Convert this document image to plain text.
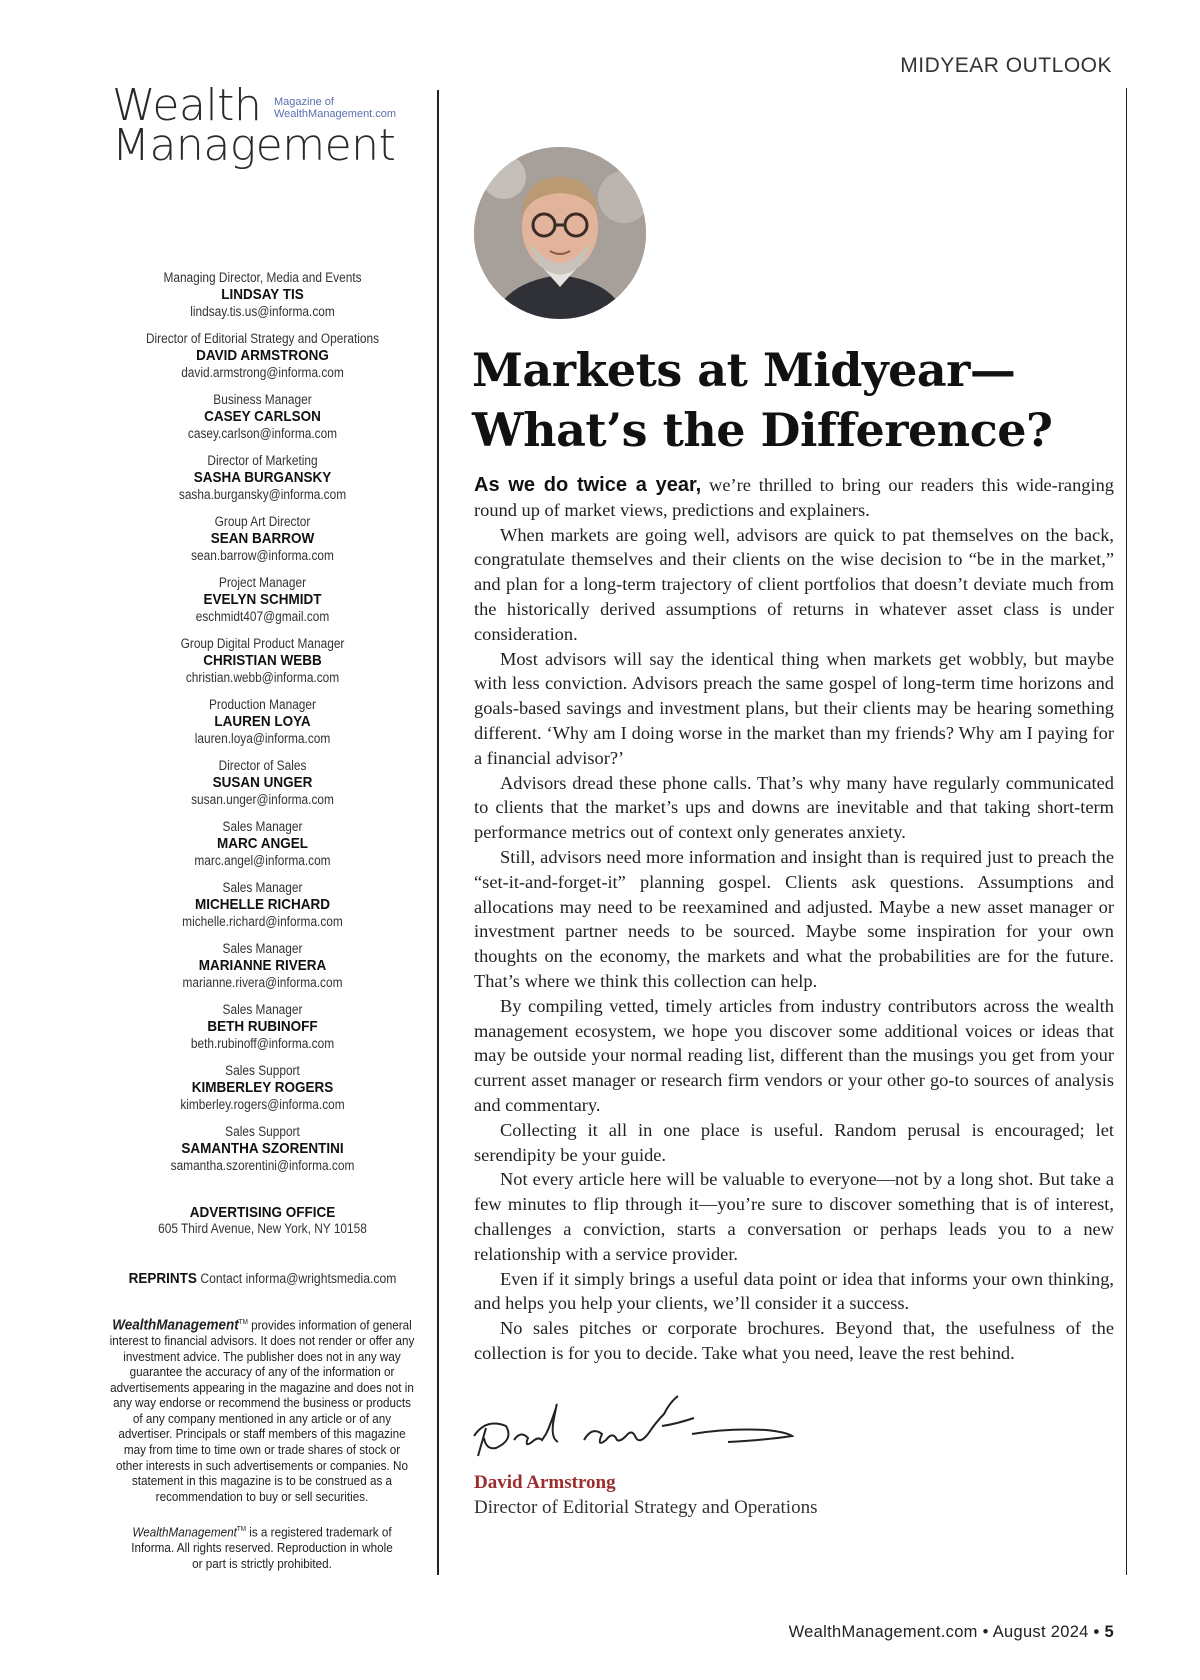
MIDYEAR OUTLOOK
Wealth Magazine of
WealthManagement.com
Management
Managing Director, Media and Events
LINDSAY TIS
lindsay.tis.us@informa.com
Director of Editorial Strategy and Operations
DAVID ARMSTRONG
david.armstrong@informa.com
Business Manager
CASEY CARLSON
casey.carlson@informa.com
Director of Marketing
SASHA BURGANSKY
sasha.burgansky@informa.com
Group Art Director
SEAN BARROW
sean.barrow@informa.com
Project Manager
EVELYN SCHMIDT
eschmidt407@gmail.com
Group Digital Product Manager
CHRISTIAN WEBB
christian.webb@informa.com
Production Manager
LAUREN LOYA
lauren.loya@informa.com
Director of Sales
SUSAN UNGER
susan.unger@informa.com
Sales Manager
MARC ANGEL
marc.angel@informa.com
Sales Manager
MICHELLE RICHARD
michelle.richard@informa.com
Sales Manager
MARIANNE RIVERA
marianne.rivera@informa.com
Sales Manager
BETH RUBINOFF
beth.rubinoff@informa.com
Sales Support
KIMBERLEY ROGERS
kimberley.rogers@informa.com
Sales Support
SAMANTHA SZORENTINI
samantha.szorentini@informa.com
ADVERTISING OFFICE
605 Third Avenue, New York, NY 10158
REPRINTS Contact informa@wrightsmedia.com
WealthManagement™ provides information of general interest to financial advisors. It does not render or offer any investment advice. The publisher does not in any way guarantee the accuracy of any of the information or advertisements appearing in the magazine and does not in any way endorse or recommend the business or products of any company mentioned in any article or of any advertiser. Principals or staff members of this magazine may from time to time own or trade shares of stock or other interests in such advertisements or companies. No statement in this magazine is to be construed as a recommendation to buy or sell securities.
WealthManagement™ is a registered trademark of Informa. All rights reserved. Reproduction in whole or part is strictly prohibited.
Markets at Midyear—
What’s the Difference?

As we do twice a year, we’re thrilled to bring our readers this wide-ranging round up of market views, predictions and explainers.

When markets are going well, advisors are quick to pat themselves on the back, congratulate themselves and their clients on the wise decision to “be in the market,” and plan for a long-term trajectory of client portfolios that doesn’t deviate much from the historically derived assumptions of returns in whatever asset class is under consideration.

Most advisors will say the identical thing when markets get wobbly, but maybe with less conviction. Advisors preach the same gospel of long-term time horizons and goals-based savings and investment plans, but their clients may be hearing something different. ‘Why am I doing worse in the market than my friends? Why am I paying for a financial advisor?’

Advisors dread these phone calls. That’s why many have regularly communicated to clients that the market’s ups and downs are inevitable and that taking short-term performance metrics out of context only generates anxiety.

Still, advisors need more information and insight than is required just to preach the “set-it-and-forget-it” planning gospel. Clients ask questions. Assumptions and allocations may need to be reexamined and adjusted. Maybe a new asset manager or investment partner needs to be sourced. Maybe some inspiration for your own thoughts on the economy, the markets and what the probabilities are for the future. That’s where we think this collection can help.

By compiling vetted, timely articles from industry contributors across the wealth management ecosystem, we hope you discover some additional voices or ideas that may be outside your normal reading list, different than the musings you get from your current asset manager or research firm vendors or your other go-to sources of analysis and commentary.

Collecting it all in one place is useful. Random perusal is encouraged; let serendipity be your guide.

Not every article here will be valuable to everyone—not by a long shot. But take a few minutes to flip through it—you’re sure to discover something that is of interest, challenges a conviction, starts a conversation or perhaps leads you to a new relationship with a service provider.

Even if it simply brings a useful data point or idea that informs your own thinking, and helps you help your clients, we’ll consider it a success.

No sales pitches or corporate brochures. Beyond that, the usefulness of the collection is for you to decide. Take what you need, leave the rest behind.

David Armstrong
Director of Editorial Strategy and Operations
WealthManagement.com • August 2024 • 5
